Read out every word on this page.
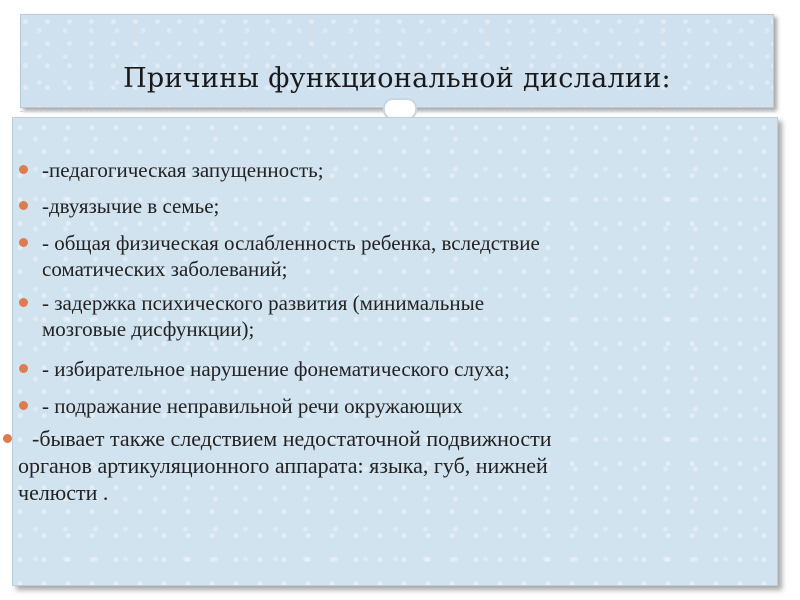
Причины функциональной дислалии:
-педагогическая запущенность;
-двуязычие в семье;
- общая физическая ослабленность ребенка, вследствие
соматических заболеваний;
- задержка психического развития (минимальные
мозговые дисфункции);
- избирательное нарушение фонематического слуха;
- подражание неправильной речи окружающих
-бывает также следствием недостаточной подвижности
органов артикуляционного аппарата: языка, губ, нижней
челюсти .
